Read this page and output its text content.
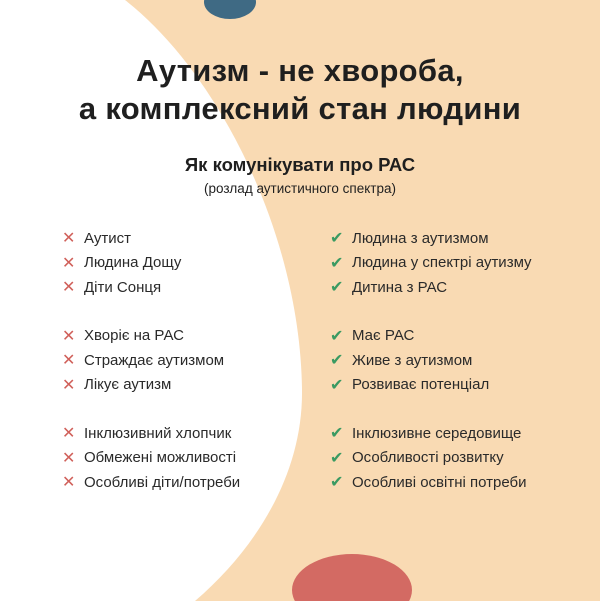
Аутизм - не хвороба,
а комплексний стан людини
Як комунікувати про РАС
(розлад аутистичного спектра)
✕ Аутист
✕ Людина Дощу
✕ Діти Сонця
✕ Хворіє на РАС
✕ Страждає аутизмом
✕ Лікує аутизм
✕ Інклюзивний хлопчик
✕ Обмежені можливості
✕ Особливі діти/потреби
✔ Людина з аутизмом
✔ Людина у спектрі аутизму
✔ Дитина з РАС
✔ Має РАС
✔ Живе з аутизмом
✔ Розвиває потенціал
✔ Інклюзивне середовище
✔ Особливості розвитку
✔ Особливі освітні потреби
